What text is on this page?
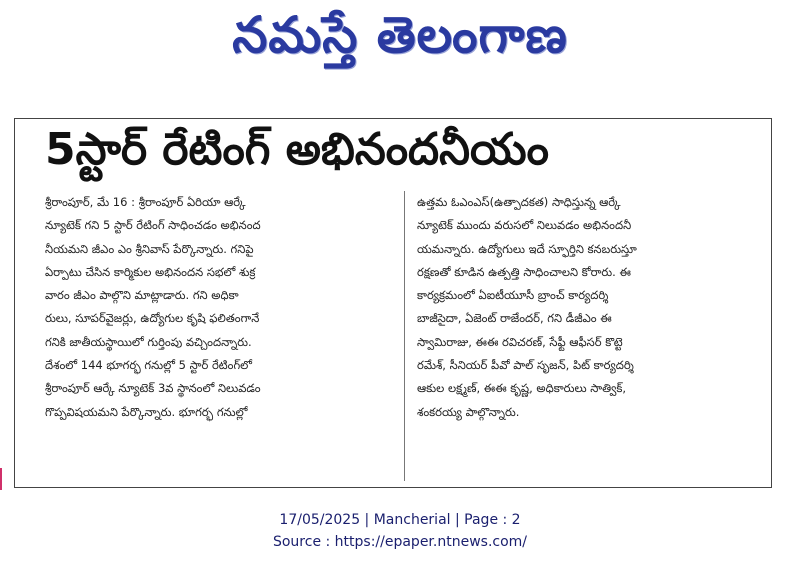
నమస్తే తెలంగాణ
5స్టార్ రేటింగ్ అభినందనీయం
శ్రీరాంపూర్, మే 16 : శ్రీరాంపూర్ ఏరియా ఆర్కే
న్యూటెక్ గని 5 స్టార్ రేటింగ్ సాధించడం అభినంద
నీయమని జీఎం ఎం శ్రీనివాస్ పేర్కొన్నారు. గనిపై
ఏర్పాటు చేసిన కార్మికుల అభినందన సభలో శుక్ర
వారం జీఎం పాల్గొని మాట్లాడారు. గని అధికా
రులు, సూపర్‌వైజర్లు, ఉద్యోగుల కృషి ఫలితంగానే
గనికి జాతీయస్థాయిలో గుర్తింపు వచ్చిందన్నారు.
దేశంలో 144 భూగర్భ గనుల్లో 5 స్టార్ రేటింగ్‌లో
శ్రీరాంపూర్ ఆర్కే న్యూటెక్ 3వ స్థానంలో నిలువడం
గొప్పవిషయమని పేర్కొన్నారు. భూగర్భ గనుల్లో
ఉత్తమ ఓఎంఎస్(ఉత్పాదకత) సాధిస్తున్న ఆర్కే
న్యూటెక్ ముందు వరుసలో నిలువడం అభినందనీ
యమన్నారు. ఉద్యోగులు ఇదే స్ఫూర్తిని కనబరుస్తూ
రక్షణతో కూడిన ఉత్పత్తి సాధించాలని కోరారు. ఈ
కార్యక్రమంలో ఏఐటీయూసీ బ్రాంచ్ కార్యదర్శి
బాజీసైదా, ఏజెంట్ రాజేందర్, గని డీజీఎం ఈ
స్వామిరాజు, ఈఈ రవిచరణ్, సేఫ్టీ ఆఫీసర్ కొట్టె
రమేశ్, సీనియర్ పీవో పాల్ సృజన్, పిట్ కార్యదర్శి
ఆకుల లక్ష్మణ్, ఈఈ కృష్ణ, అధికారులు సాత్విక్,
శంకరయ్య పాల్గొన్నారు.
17/05/2025 | Mancherial | Page : 2
Source : https://epaper.ntnews.com/
